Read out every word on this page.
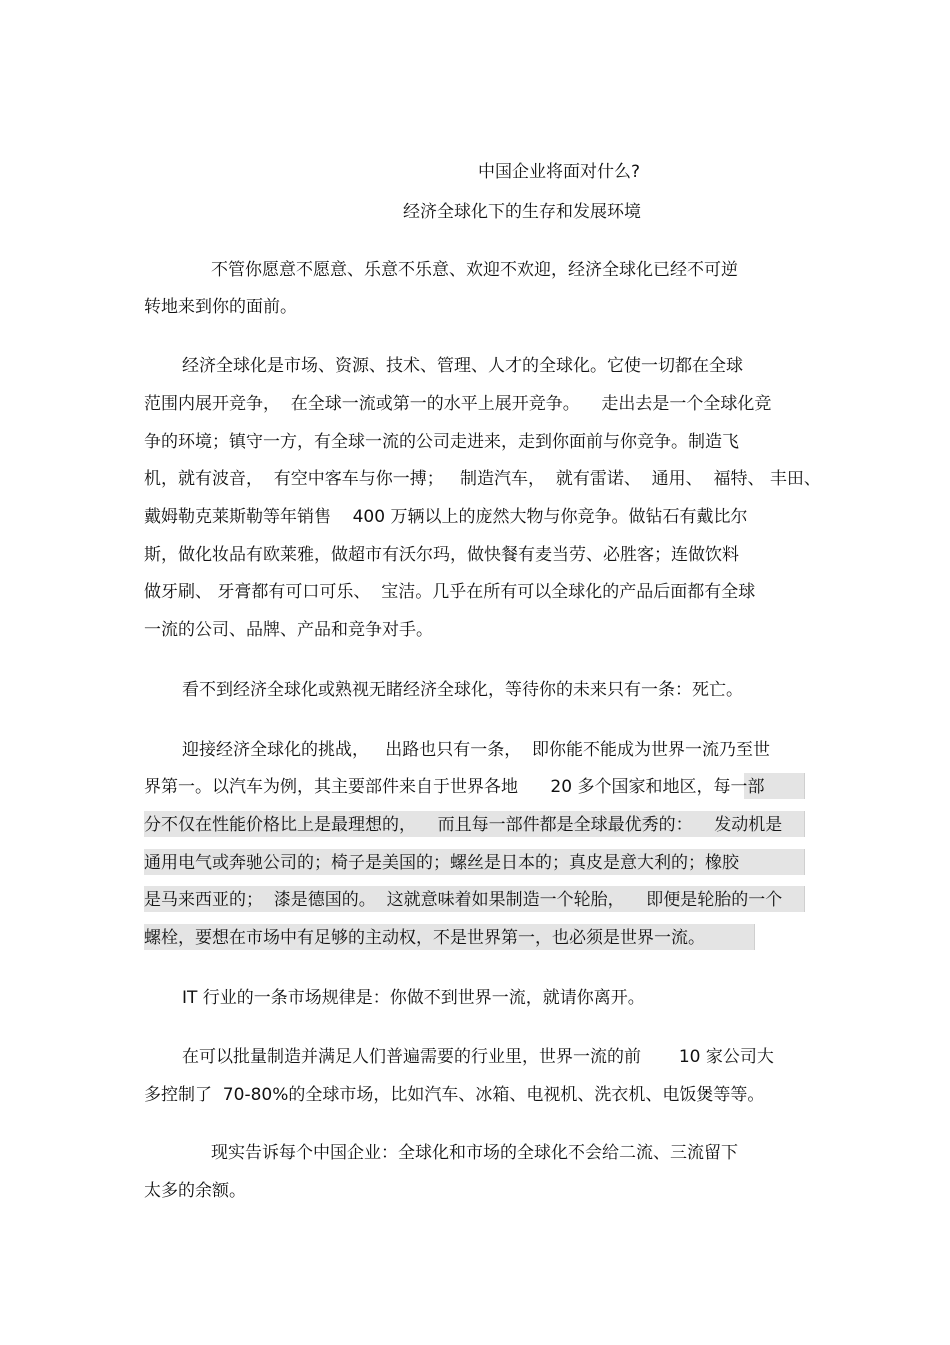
中国企业将面对什么?
经济全球化下的生存和发展环境
不管你愿意不愿意、乐意不乐意、欢迎不欢迎，经济全球化已经不可逆
转地来到你的面前。
经济全球化是市场、资源、技术、管理、人才的全球化。它使一切都在全球
范围内展开竞争，  在全球一流或第一的水平上展开竞争。    走出去是一个全球化竞
争的环境；镇守一方，有全球一流的公司走进来，走到你面前与你竞争。制造飞
机，就有波音，  有空中客车与你一搏；   制造汽车，  就有雷诺、  通用、  福特、 丰田、
戴姆勒克莱斯勒等年销售    400 万辆以上的庞然大物与你竞争。做钻石有戴比尔
斯，做化妆品有欧莱雅，做超市有沃尔玛，做快餐有麦当劳、必胜客；连做饮料
做牙刷、 牙膏都有可口可乐、  宝洁。几乎在所有可以全球化的产品后面都有全球
一流的公司、品牌、产品和竞争对手。
看不到经济全球化或熟视无睹经济全球化，等待你的未来只有一条：死亡。
迎接经济全球化的挑战，   出路也只有一条，  即你能不能成为世界一流乃至世
界第一。以汽车为例，其主要部件来自于世界各地      20 多个国家和地区，每一部
分不仅在性能价格比上是最理想的，    而且每一部件都是全球最优秀的：    发动机是
通用电气或奔驰公司的；椅子是美国的；螺丝是日本的；真皮是意大利的；橡胶
是马来西亚的；  漆是德国的。  这就意味着如果制造一个轮胎，    即便是轮胎的一个
螺栓，要想在市场中有足够的主动权，不是世界第一，也必须是世界一流。
IT 行业的一条市场规律是：你做不到世界一流，就请你离开。
在可以批量制造并满足人们普遍需要的行业里，世界一流的前       10 家公司大
多控制了  70-80%的全球市场，比如汽车、冰箱、电视机、洗衣机、电饭煲等等。
现实告诉每个中国企业：全球化和市场的全球化不会给二流、三流留下
太多的余额。
